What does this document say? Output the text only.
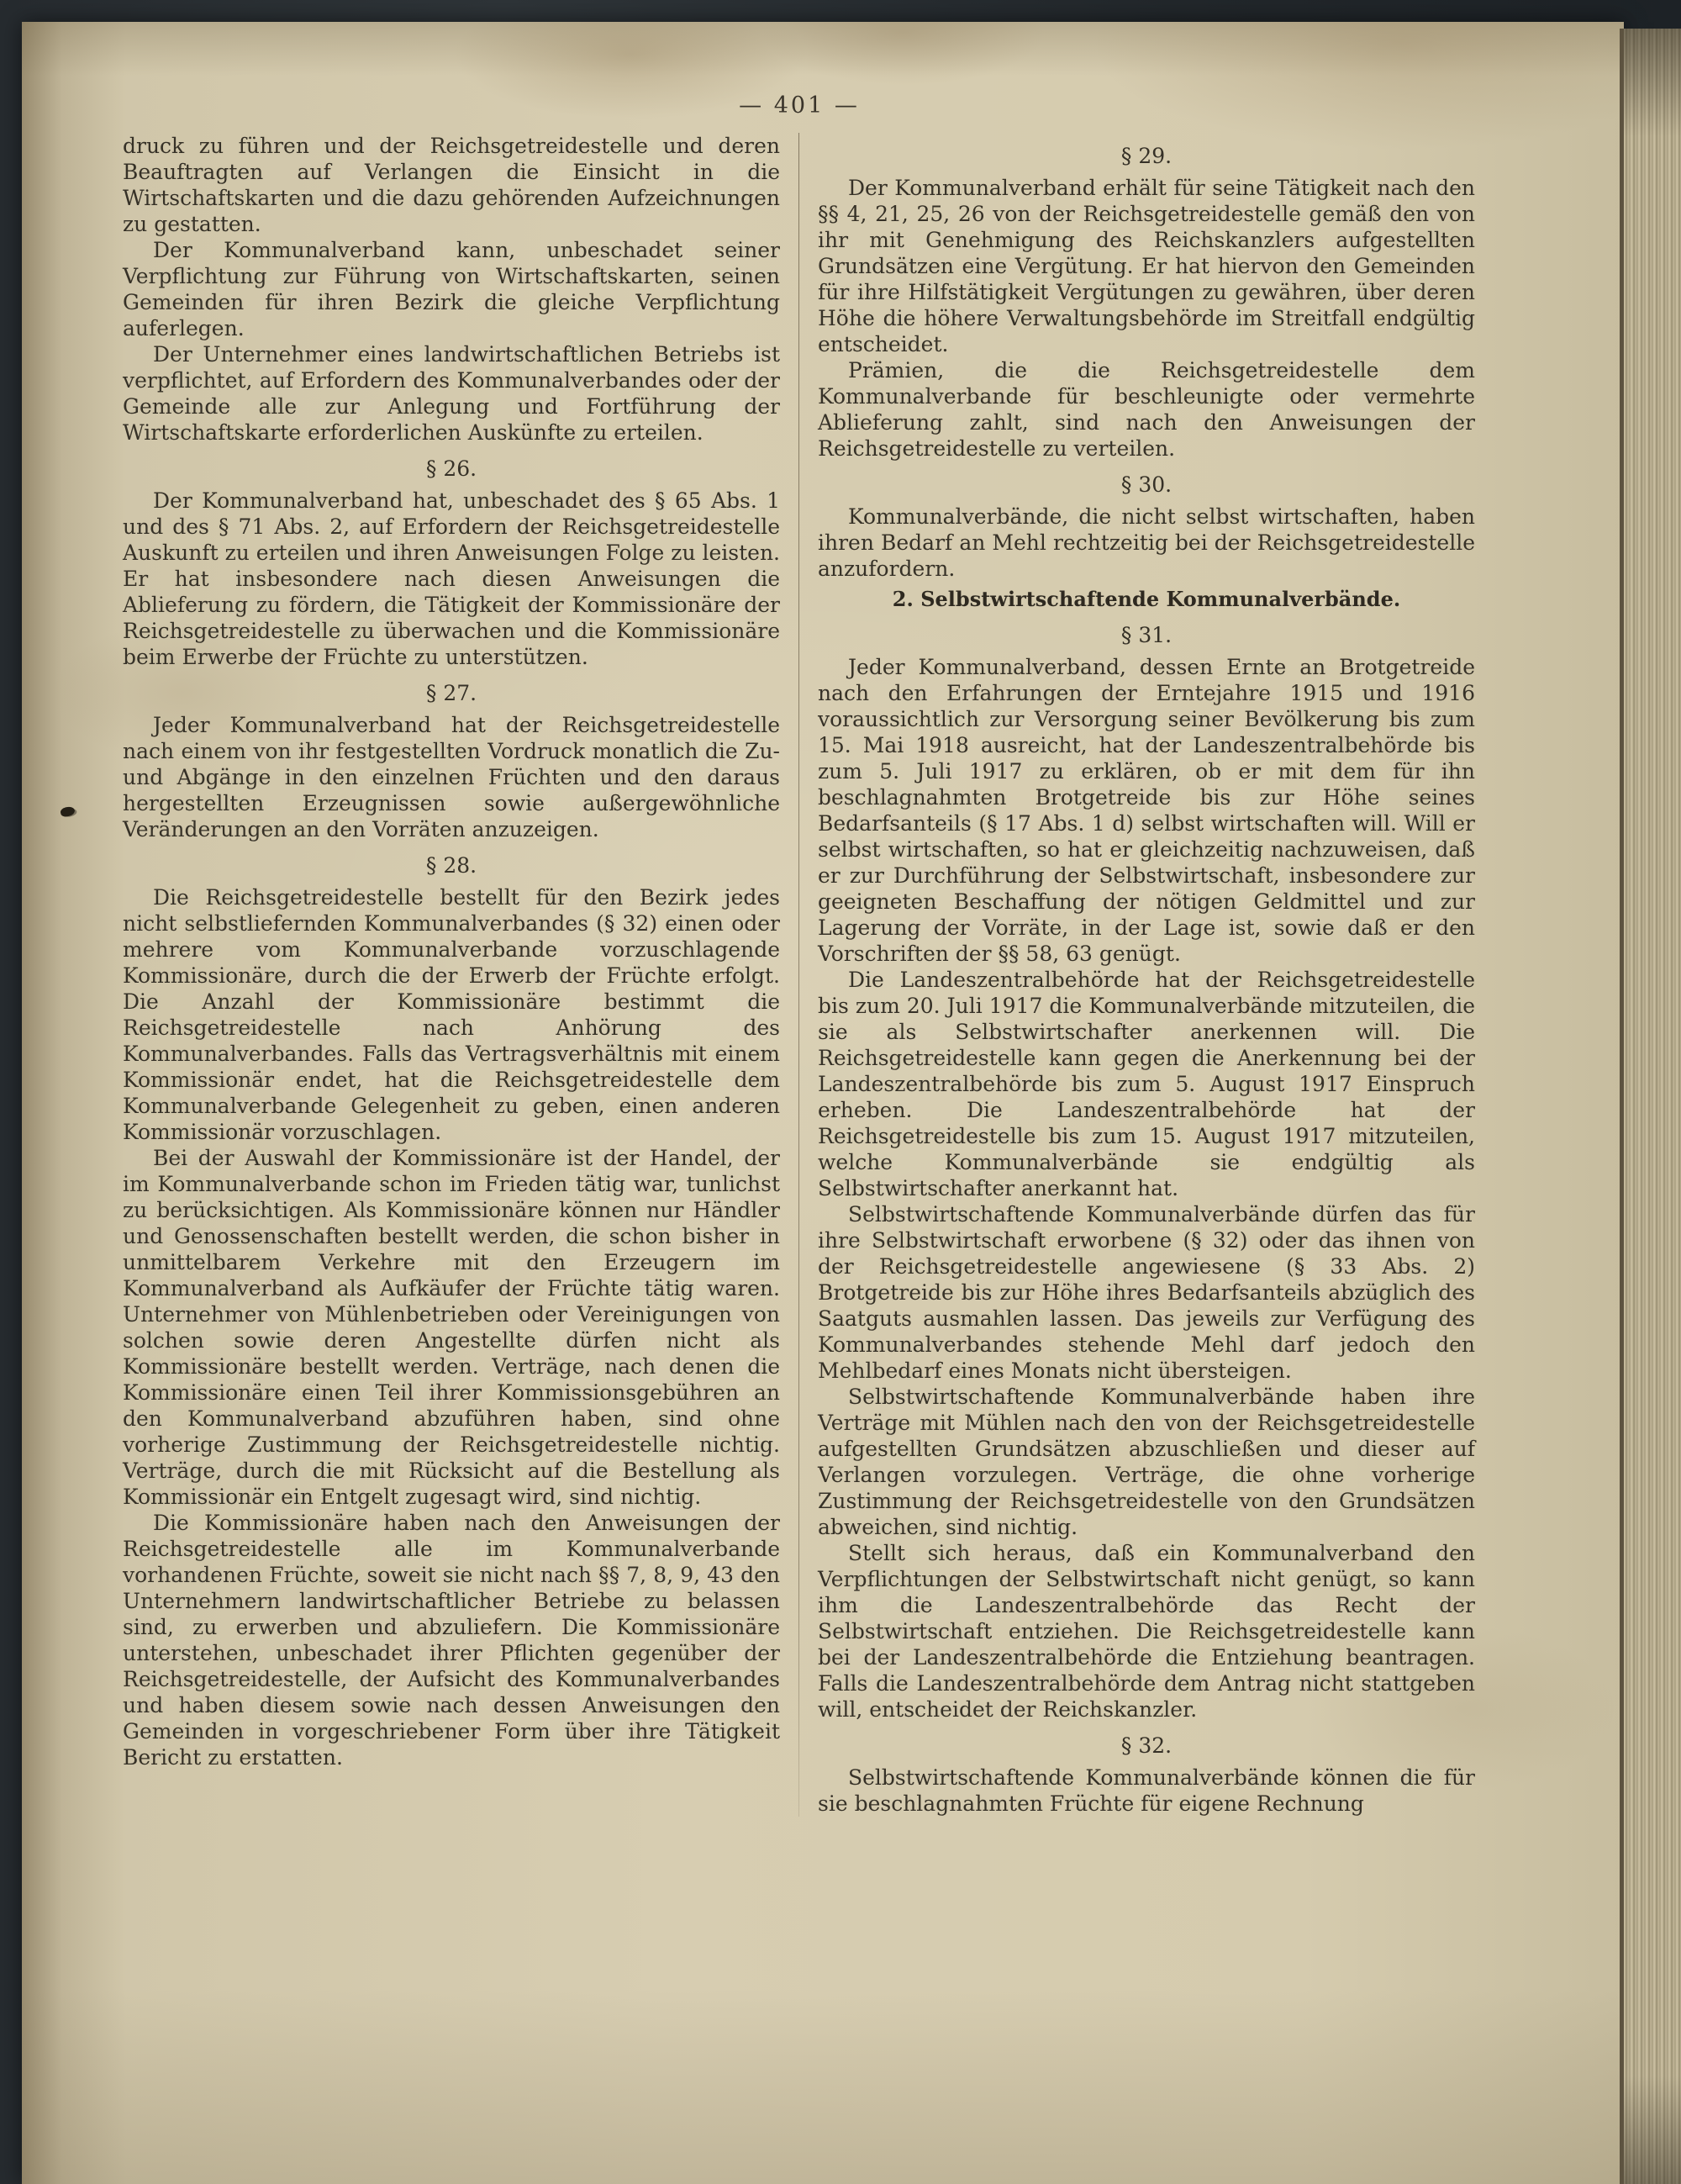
— 401 —

druck zu führen und der Reichsgetreidestelle und deren Beauftragten auf Verlangen die Einsicht in die Wirtschaftskarten und die dazu gehörenden Aufzeichnungen zu gestatten.

Der Kommunalverband kann, unbeschadet seiner Verpflichtung zur Führung von Wirtschaftskarten, seinen Gemeinden für ihren Bezirk die gleiche Verpflichtung auferlegen.

Der Unternehmer eines landwirtschaftlichen Betriebs ist verpflichtet, auf Erfordern des Kommunalverbandes oder der Gemeinde alle zur Anlegung und Fortführung der Wirtschaftskarte erforderlichen Auskünfte zu erteilen.

§ 26.

Der Kommunalverband hat, unbeschadet des § 65 Abs. 1 und des § 71 Abs. 2, auf Erfordern der Reichsgetreidestelle Auskunft zu erteilen und ihren Anweisungen Folge zu leisten. Er hat insbesondere nach diesen Anweisungen die Ablieferung zu fördern, die Tätigkeit der Kommissionäre der Reichsgetreidestelle zu überwachen und die Kommissionäre beim Erwerbe der Früchte zu unterstützen.

§ 27.

Jeder Kommunalverband hat der Reichsgetreidestelle nach einem von ihr festgestellten Vordruck monatlich die Zu- und Abgänge in den einzelnen Früchten und den daraus hergestellten Erzeugnissen sowie außergewöhnliche Veränderungen an den Vorräten anzuzeigen.

§ 28.

Die Reichsgetreidestelle bestellt für den Bezirk jedes nicht selbstliefernden Kommunalverbandes (§ 32) einen oder mehrere vom Kommunalverbande vorzuschlagende Kommissionäre, durch die der Erwerb der Früchte erfolgt. Die Anzahl der Kommissionäre bestimmt die Reichsgetreidestelle nach Anhörung des Kommunalverbandes. Falls das Vertragsverhältnis mit einem Kommissionär endet, hat die Reichsgetreidestelle dem Kommunalverbande Gelegenheit zu geben, einen anderen Kommissionär vorzuschlagen.

Bei der Auswahl der Kommissionäre ist der Handel, der im Kommunalverbande schon im Frieden tätig war, tunlichst zu berücksichtigen. Als Kommissionäre können nur Händler und Genossenschaften bestellt werden, die schon bisher in unmittelbarem Verkehre mit den Erzeugern im Kommunalverband als Aufkäufer der Früchte tätig waren. Unternehmer von Mühlenbetrieben oder Vereinigungen von solchen sowie deren Angestellte dürfen nicht als Kommissionäre bestellt werden. Verträge, nach denen die Kommissionäre einen Teil ihrer Kommissionsgebühren an den Kommunalverband abzuführen haben, sind ohne vorherige Zustimmung der Reichsgetreidestelle nichtig. Verträge, durch die mit Rücksicht auf die Bestellung als Kommissionär ein Entgelt zugesagt wird, sind nichtig.

Die Kommissionäre haben nach den Anweisungen der Reichsgetreidestelle alle im Kommunalverbande vorhandenen Früchte, soweit sie nicht nach §§ 7, 8, 9, 43 den Unternehmern landwirtschaftlicher Betriebe zu belassen sind, zu erwerben und abzuliefern. Die Kommissionäre unterstehen, unbeschadet ihrer Pflichten gegenüber der Reichsgetreidestelle, der Aufsicht des Kommunalverbandes und haben diesem sowie nach dessen Anweisungen den Gemeinden in vorgeschriebener Form über ihre Tätigkeit Bericht zu erstatten.

§ 29.

Der Kommunalverband erhält für seine Tätigkeit nach den §§ 4, 21, 25, 26 von der Reichsgetreidestelle gemäß den von ihr mit Genehmigung des Reichskanzlers aufgestellten Grundsätzen eine Vergütung. Er hat hiervon den Gemeinden für ihre Hilfstätigkeit Vergütungen zu gewähren, über deren Höhe die höhere Verwaltungsbehörde im Streitfall endgültig entscheidet.

Prämien, die die Reichsgetreidestelle dem Kommunalverbande für beschleunigte oder vermehrte Ablieferung zahlt, sind nach den Anweisungen der Reichsgetreidestelle zu verteilen.

§ 30.

Kommunalverbände, die nicht selbst wirtschaften, haben ihren Bedarf an Mehl rechtzeitig bei der Reichsgetreidestelle anzufordern.

2. Selbstwirtschaftende Kommunalverbände.
§ 31.

Jeder Kommunalverband, dessen Ernte an Brotgetreide nach den Erfahrungen der Erntejahre 1915 und 1916 voraussichtlich zur Versorgung seiner Bevölkerung bis zum 15. Mai 1918 ausreicht, hat der Landeszentralbehörde bis zum 5. Juli 1917 zu erklären, ob er mit dem für ihn beschlagnahmten Brotgetreide bis zur Höhe seines Bedarfsanteils (§ 17 Abs. 1 d) selbst wirtschaften will. Will er selbst wirtschaften, so hat er gleichzeitig nachzuweisen, daß er zur Durchführung der Selbstwirtschaft, insbesondere zur geeigneten Beschaffung der nötigen Geldmittel und zur Lagerung der Vorräte, in der Lage ist, sowie daß er den Vorschriften der §§ 58, 63 genügt.

Die Landeszentralbehörde hat der Reichsgetreidestelle bis zum 20. Juli 1917 die Kommunalverbände mitzuteilen, die sie als Selbstwirtschafter anerkennen will. Die Reichsgetreidestelle kann gegen die Anerkennung bei der Landeszentralbehörde bis zum 5. August 1917 Einspruch erheben. Die Landeszentralbehörde hat der Reichsgetreidestelle bis zum 15. August 1917 mitzuteilen, welche Kommunalverbände sie endgültig als Selbstwirtschafter anerkannt hat.

Selbstwirtschaftende Kommunalverbände dürfen das für ihre Selbstwirtschaft erworbene (§ 32) oder das ihnen von der Reichsgetreidestelle angewiesene (§ 33 Abs. 2) Brotgetreide bis zur Höhe ihres Bedarfsanteils abzüglich des Saatguts ausmahlen lassen. Das jeweils zur Verfügung des Kommunalverbandes stehende Mehl darf jedoch den Mehlbedarf eines Monats nicht übersteigen.

Selbstwirtschaftende Kommunalverbände haben ihre Verträge mit Mühlen nach den von der Reichsgetreidestelle aufgestellten Grundsätzen abzuschließen und dieser auf Verlangen vorzulegen. Verträge, die ohne vorherige Zustimmung der Reichsgetreidestelle von den Grundsätzen abweichen, sind nichtig.

Stellt sich heraus, daß ein Kommunalverband den Verpflichtungen der Selbstwirtschaft nicht genügt, so kann ihm die Landeszentralbehörde das Recht der Selbstwirtschaft entziehen. Die Reichsgetreidestelle kann bei der Landeszentralbehörde die Entziehung beantragen. Falls die Landeszentralbehörde dem Antrag nicht stattgeben will, entscheidet der Reichskanzler.

§ 32.

Selbstwirtschaftende Kommunalverbände können die für sie beschlagnahmten Früchte für eigene Rechnung
